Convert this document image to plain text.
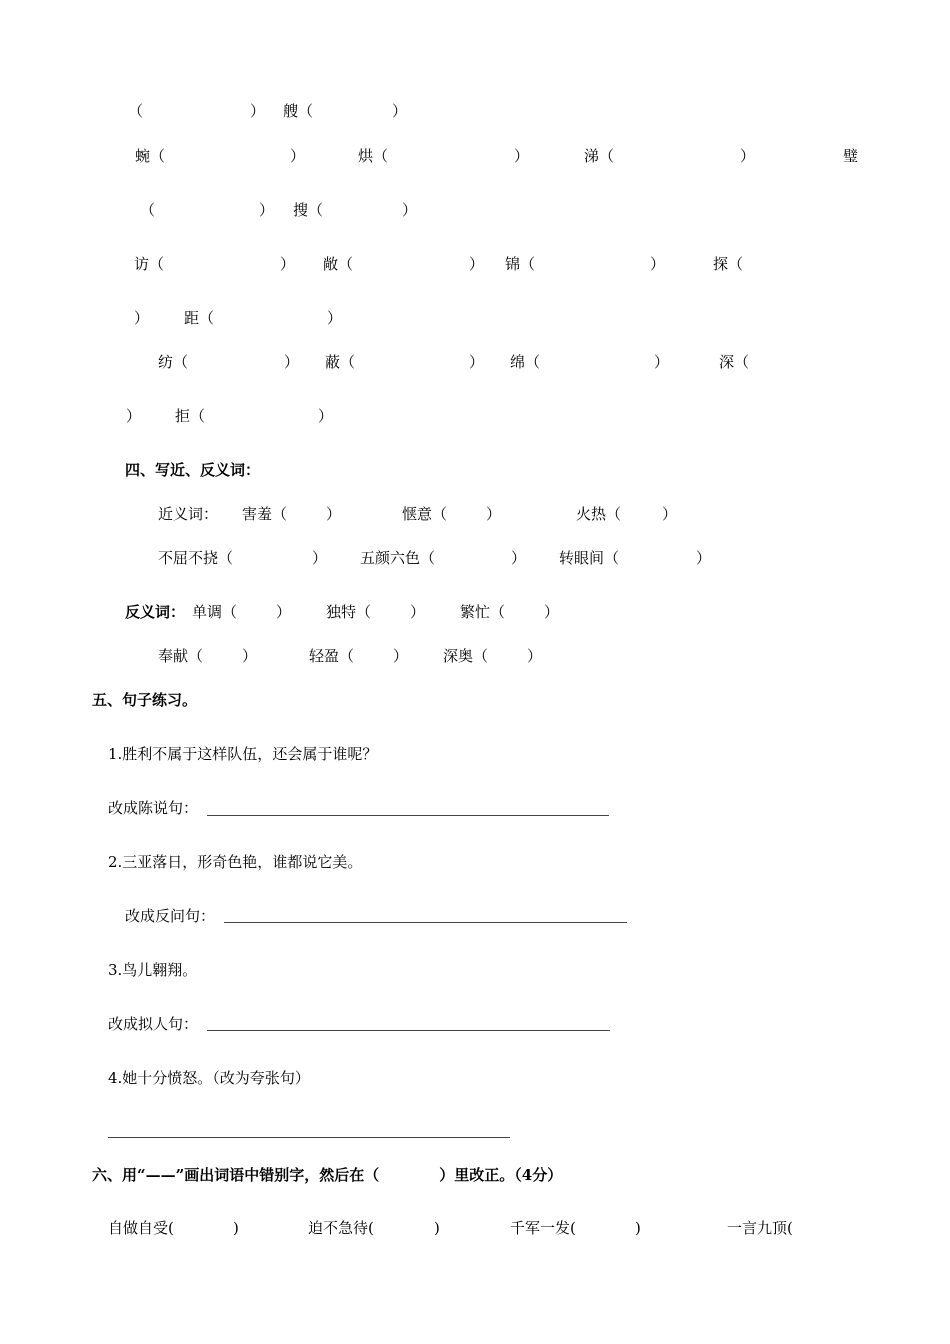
（	） 艘（	）
蜿（	）	烘（	）	涕（	）	璧
（	） 搜（	）
访（	） 敞（	） 锦（	）	探（
） 距（	）
纺（	） 蔽（	） 绵（	）	深（
） 拒（	）
四、写近、反义词：
近义词： 害羞（	）	惬意（	）	火热（	）
不屈不挠（	） 五颜六色（	） 转眼间（	）
反义词： 单调（	） 独特（	） 繁忙（	）
奉献（	）	轻盈（	） 深奥（	）
五、句子练习。
1.胜利不属于这样队伍，还会属于谁呢？
改成陈说句：
2.三亚落日，形奇色艳，谁都说它美。
改成反问句：
3.鸟儿翱翔。
改成拟人句：
4.她十分愤怒。（改为夸张句）
六、用“——”画出词语中错别字，然后在（　　　　）里改正。（4分）
自做自受(	)	迫不急待(	)	千军一发(	)	一言九顶(
